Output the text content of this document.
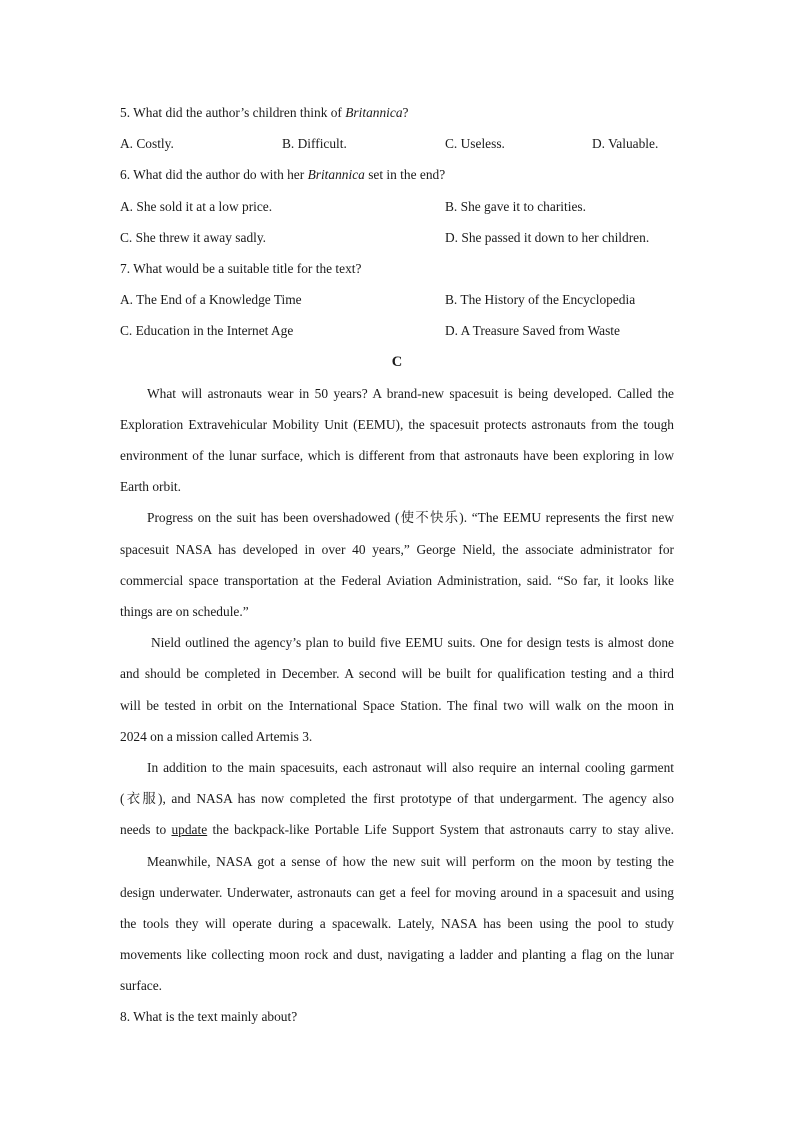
5. What did the author’s children think of Britannica?
A. Costly.	B. Difficult.	C. Useless.	D. Valuable.
6. What did the author do with her Britannica set in the end?
A. She sold it at a low price.	B. She gave it to charities.
C. She threw it away sadly.	D. She passed it down to her children.
7. What would be a suitable title for the text?
A. The End of a Knowledge Time	B. The History of the Encyclopedia
C. Education in the Internet Age	D. A Treasure Saved from Waste
C
What will astronauts wear in 50 years? A brand-new spacesuit is being developed. Called the
Exploration Extravehicular Mobility Unit (EEMU), the spacesuit protects astronauts from the tough
environment of the lunar surface, which is different from that astronauts have been exploring in low
Earth orbit.
Progress on the suit has been overshadowed (使不快乐). “The EEMU represents the first new
spacesuit NASA has developed in over 40 years,” George Nield, the associate administrator for
commercial space transportation at the Federal Aviation Administration, said. “So far, it looks like
things are on schedule.”
Nield outlined the agency’s plan to build five EEMU suits. One for design tests is almost done
and should be completed in December. A second will be built for qualification testing and a third
will be tested in orbit on the International Space Station. The final two will walk on the moon in
2024 on a mission called Artemis 3.
In addition to the main spacesuits, each astronaut will also require an internal cooling garment
(衣服), and NASA has now completed the first prototype of that undergarment. The agency also
needs to update the backpack-like Portable Life Support System that astronauts carry to stay alive.
Meanwhile, NASA got a sense of how the new suit will perform on the moon by testing the
design underwater. Underwater, astronauts can get a feel for moving around in a spacesuit and using
the tools they will operate during a spacewalk. Lately, NASA has been using the pool to study
movements like collecting moon rock and dust, navigating a ladder and planting a flag on the lunar
surface.
8. What is the text mainly about?
